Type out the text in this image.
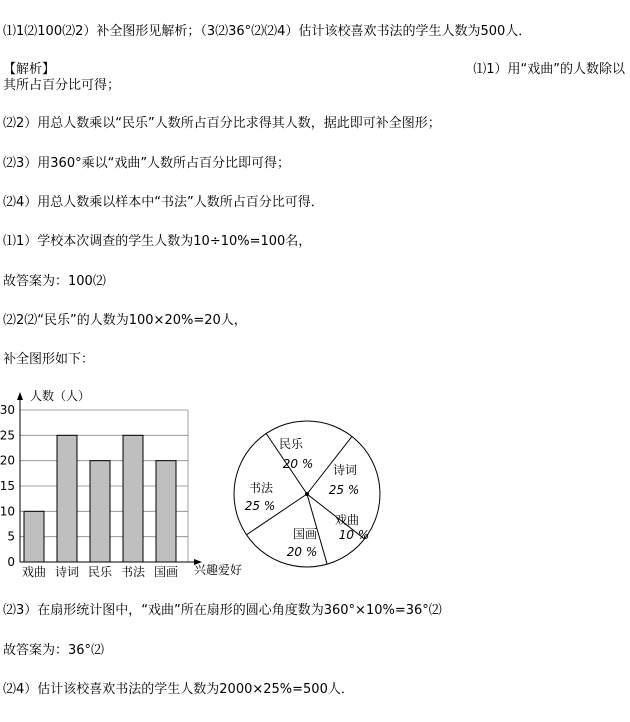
⑴1⑵100⑵2）补全图形见解析；（3⑵36°⑵⑵4）估计该校喜欢书法的学生人数为500人．
【解析】	⑴1）用“戏曲”的人数除以
其所占百分比可得；
⑵2）用总人数乘以“民乐”人数所占百分比求得其人数，据此即可补全图形；
⑵3）用360°乘以“戏曲”人数所占百分比即可得；
⑵4）用总人数乘以样本中“书法”人数所占百分比可得．
⑴1）学校本次调查的学生人数为10÷10%=100名，
故答案为：100⑵
⑵2⑵“民乐”的人数为100×20%=20人，
补全图形如下：
0
5
10
15
20
25
30
人数（人）
兴趣爱好
戏曲 诗词 民乐 书法 国画
民乐
20 % 诗词
25 %
戏曲
10 %
国画
20 %
书法
25 %
⑵3）在扇形统计图中，“戏曲”所在扇形的圆心角度数为360°×10%=36°⑵
故答案为：36°⑵
⑵4）估计该校喜欢书法的学生人数为2000×25%=500人．
